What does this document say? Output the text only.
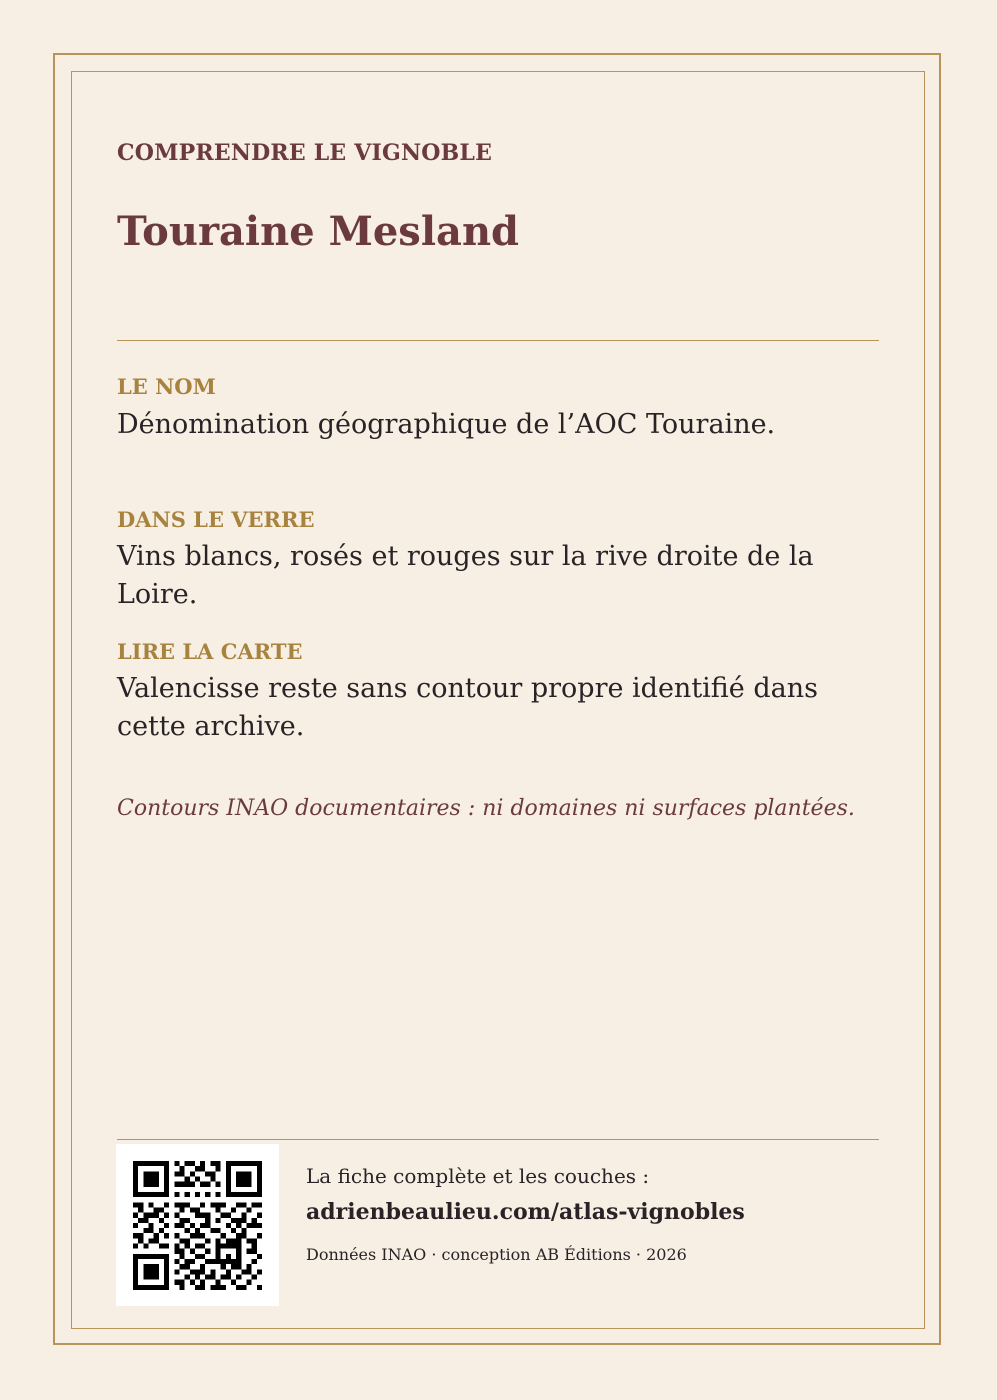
COMPRENDRE LE VIGNOBLE
Touraine Mesland
LE NOM
Dénomination géographique de l’AOC Touraine.
DANS LE VERRE
Vins blancs, rosés et rouges sur la rive droite de la Loire.
LIRE LA CARTE
Valencisse reste sans contour propre identifié dans cette archive.
Contours INAO documentaires : ni domaines ni surfaces plantées.
La fiche complète et les couches :
adrienbeaulieu.com/atlas-vignobles
Données INAO · conception AB Éditions · 2026
